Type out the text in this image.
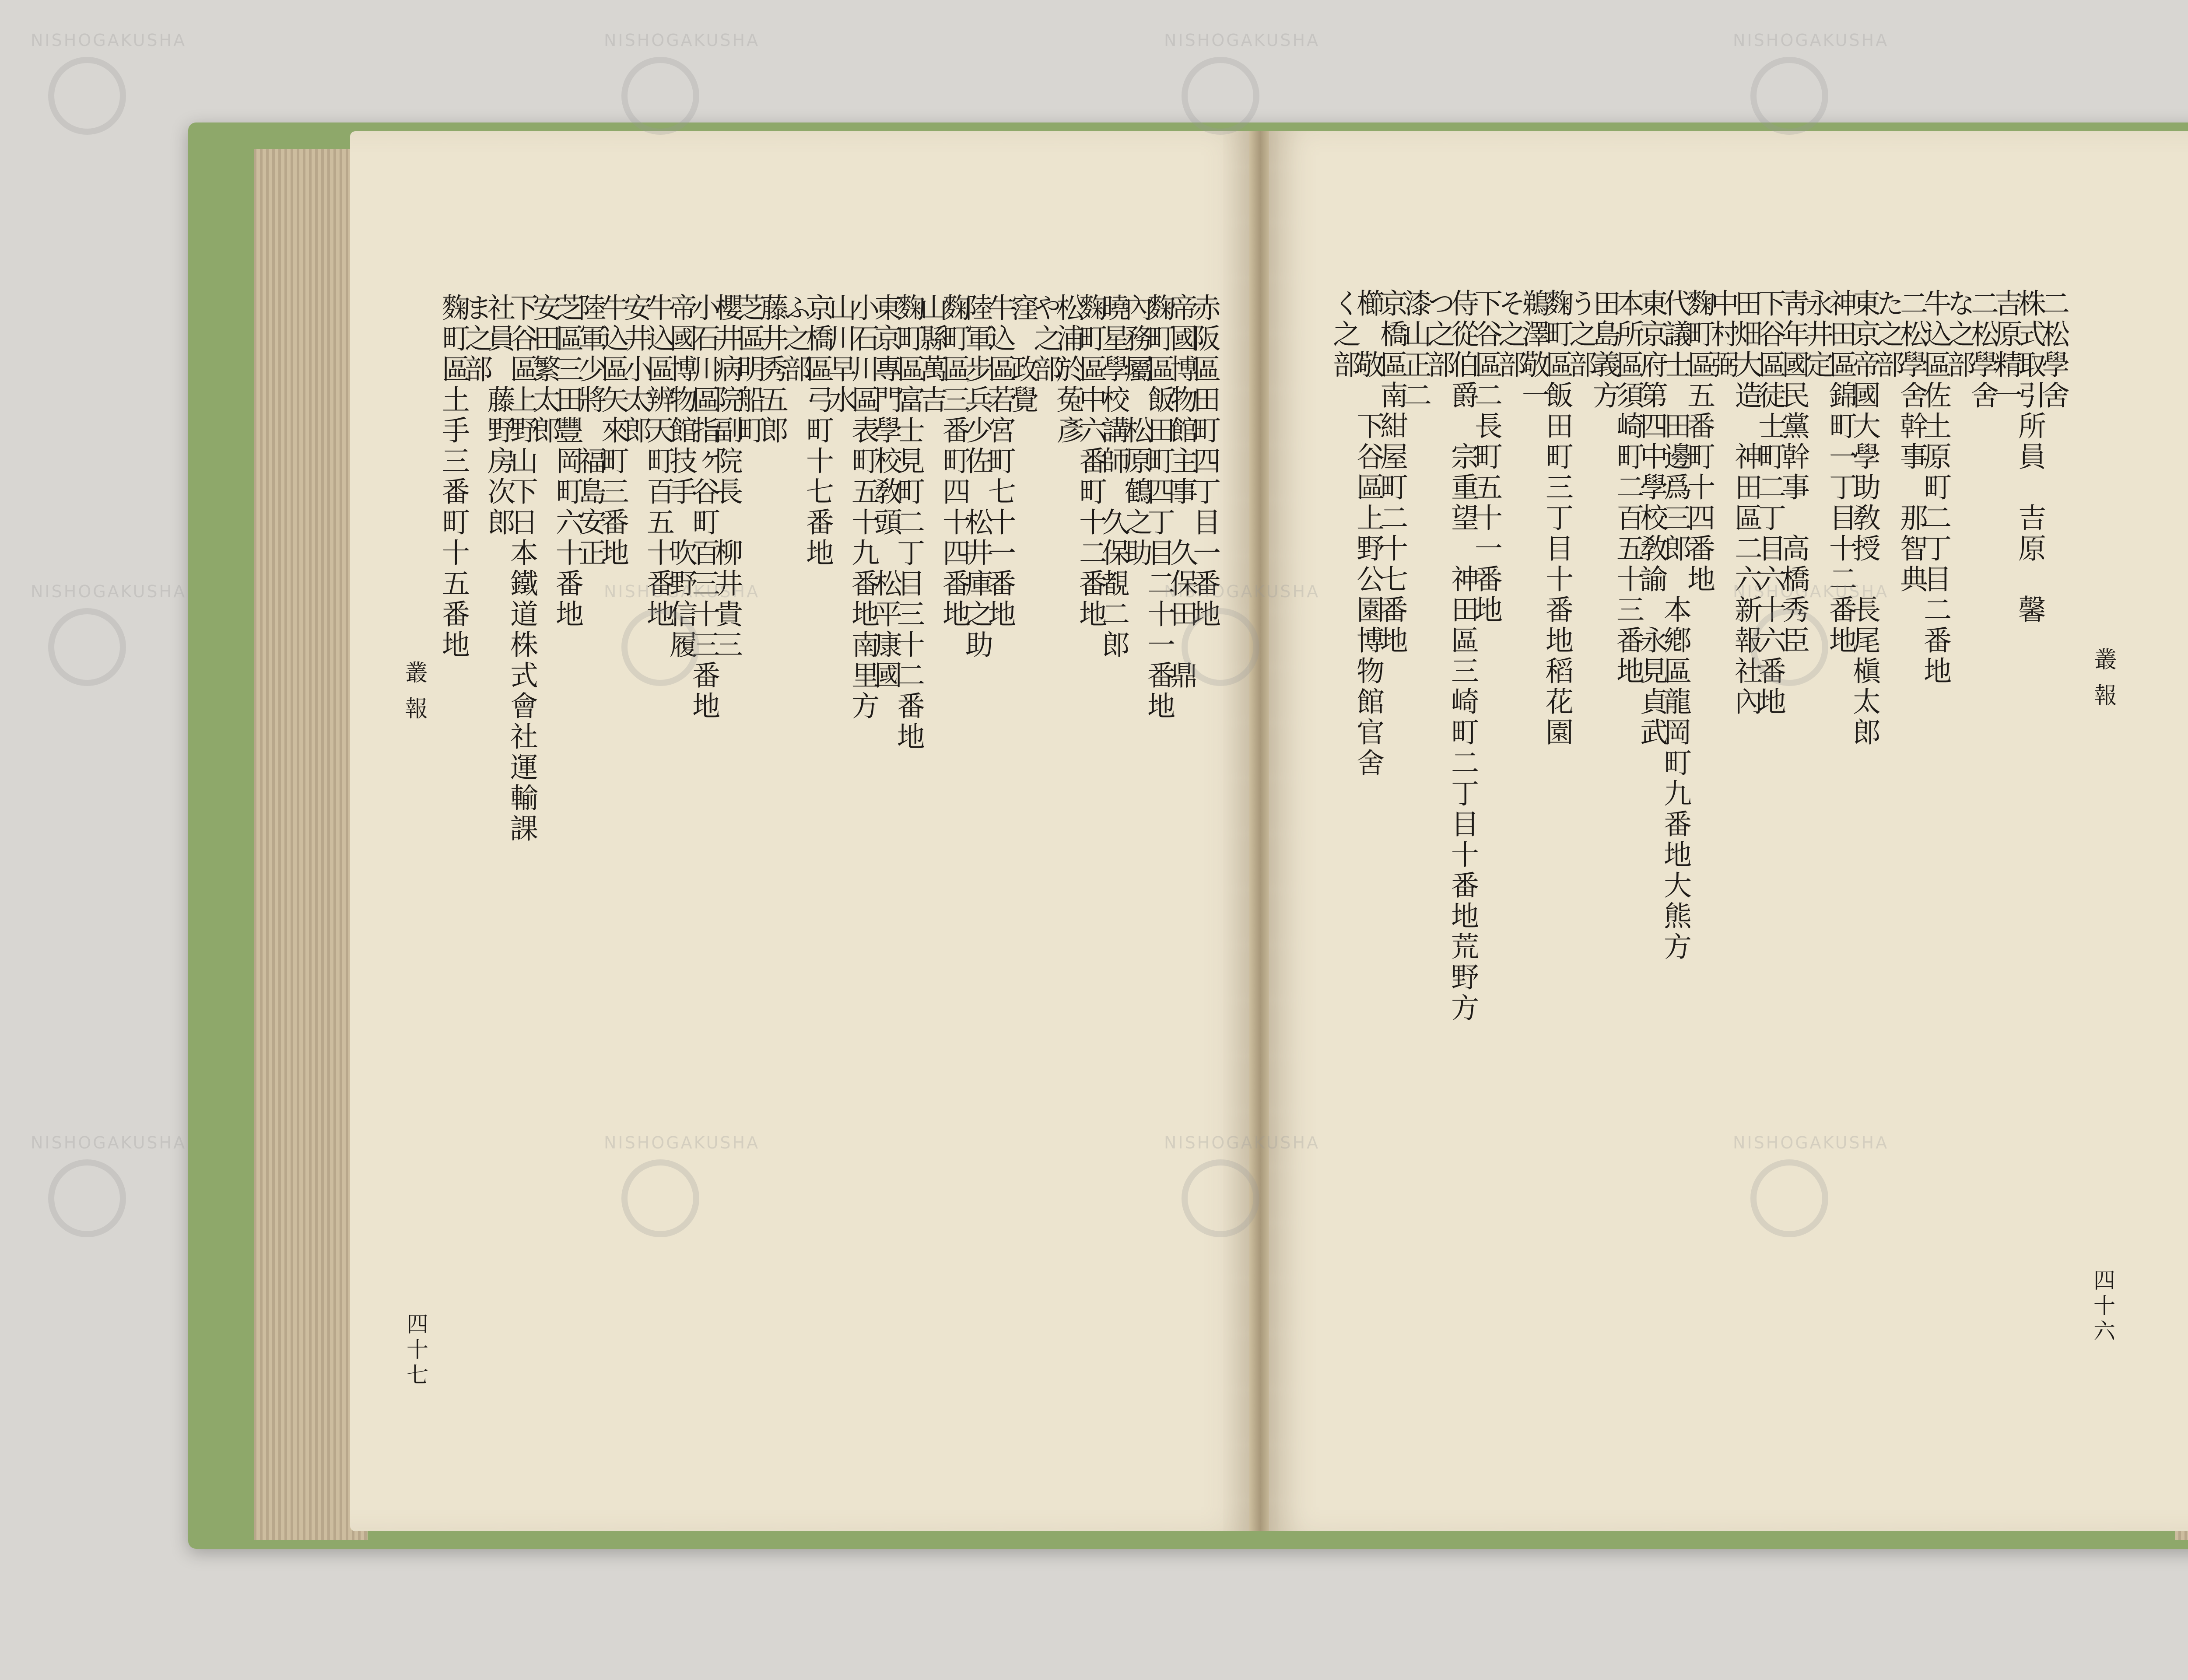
叢報
四十七
赤阪區田町四丁目一番地
帝國博物館主事　久保田　鼎
麴町區飯田町四丁目二十一番地
內務屬　松原鶴之助
曉星學校講師　久保覩二郎
麴町區中六番町十二番地
松浦於菟彥
や之部
窪　政覺
牛込區若宮町七十一番地
陸軍步兵少佐　松井庫之助
麴町區三番町四十四番地
山縣萬吉
麴町區富士見町二丁目三十二番地
東京專門學校敎頭　松平康國
小石川區表町五十九番地南里方
山川早水
京橋區弓町十七番地
ふ之部
藤井秀五郎
芝區明船町
櫻井病院副院長　柳井貴三
小石川區指ヶ谷町百三十三番地
帝國博物館技手　吹野信履
牛込區辨天町百五十番地
安井小太郎
牛込區矢來町三番地
陸軍少將　福島安正
芝區三田豐岡町六十番地
安田繁太郎
下谷區上野山下日本鐵道株式會社運輸課
社員　藤野房次郎
ま之部
麴町區土手三番町十五番地
叢報
四十六
二松學舍
株式取引所員　吉原　馨
吉原精一
二松學舍
な之部
牛込區佐土原町二丁目二番地
二松學舍幹事　那智典
た之部
東京帝國大學助敎授　長尾槇太郎
神田區錦町一丁目十二番地
永井定
靑年國民黨幹事　高橋秀臣
下谷區徒士町二丁目六十六番地
田畑大造　神田區二六新報社內
中村弼
麴町區五番町十四番地
代議士　田邊爲三郎　本鄕區龍岡町九番地大熊方
東京府第四中學校敎諭　永見貞武
本所區須崎町二百五十三番地
田島義方
う之部
麴町區飯田町三丁目十番地稻花園
鵜澤敬一
そ之部
下谷區二長町五十一番地
侍從伯爵　宗重望　神田區三崎町二丁目十番地荒野方
つ之部
漆山正二
京橋區南紺屋町二十七番地
櫛　敬　下谷區上野公園博物館官舍
く之部
NISHOGAKUSHA
NISHOGAKUSHA
NISHOGAKUSHA
NISHOGAKUSHA
NISHOGAKUSHA
NISHOGAKUSHA
NISHOGAKUSHA
NISHOGAKUSHA
NISHOGAKUSHA
NISHOGAKUSHA
NISHOGAKUSHA
NISHOGAKUSHA
